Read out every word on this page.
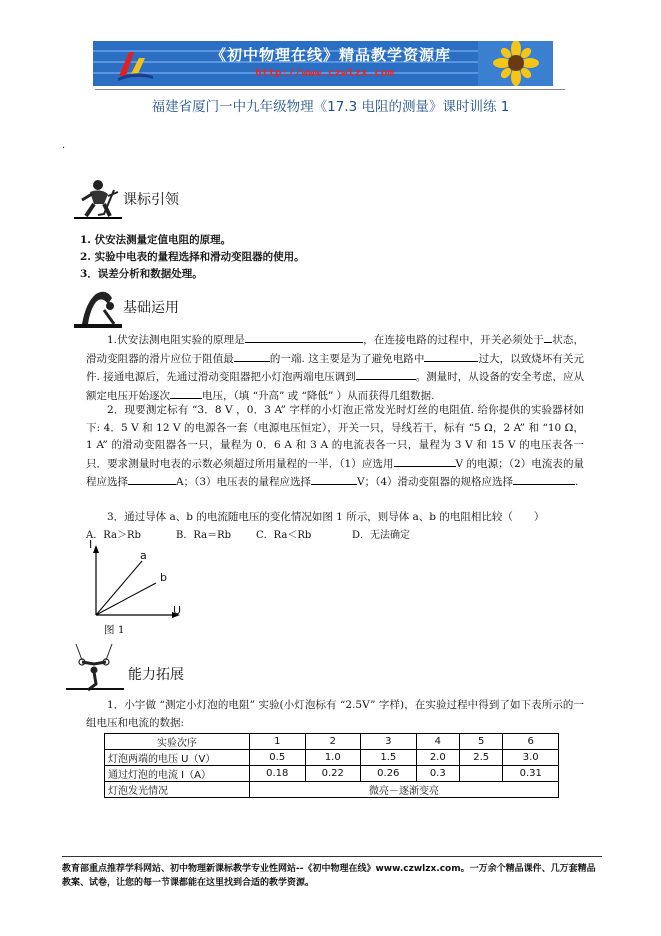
《初中物理在线》精品教学资源库
http://www.czwlzx.com
福建省厦门一中九年级物理《17.3 电阻的测量》课时训练 1
.
课标引领
1. 伏安法测量定值电阻的原理。
2. 实验中电表的量程选择和滑动变阻器的使用。
3．误差分析和数据处理。
基础运用

1.伏安法测电阻实验的原理是	，在连接电路的过程中，开关必须处于 状态，滑动变阻器的滑片应位于阻值最	的一端. 这主要是为了避免电路中	过大，以致烧坏有关元件. 接通电源后，先通过滑动变阻器把小灯泡两端电压调到	。测量时，从设备的安全考虑，应从额定电压开始逐次	电压，（填 “升高” 或 “降低” ）从而获得几组数据.

2．现要测定标有 “3．8 V ，0．3 A” 字样的小灯泡正常发光时灯丝的电阻值. 给你提供的实验器材如下: 4．5 V 和 12 V 的电源各一套（电源电压恒定），开关一只，导线若干，标有 “5 Ω，2 A” 和 “10 Ω，1 A” 的滑动变阻器各一只，量程为 0．6 A 和 3 A 的电流表各一只，量程为 3 V 和 15 V 的电压表各一只．要求测量时电表的示数必须超过所用量程的一半．（1）应选用	V 的电源；（2）电流表的量程应选择	A；（3）电压表的量程应选择	V；（4）滑动变阻器的规格应选择	.

3．通过导体 a、b 的电流随电压的变化情况如图 1 所示，则导体 a、b 的电阻相比较（　　）

A．Ra＞Rb	B．Ra＝Rb	C．Ra＜Rb	D．无法确定
I
U
a
b
图 1
能力拓展

1．小宇做 “测定小灯泡的电阻” 实验(小灯泡标有 “2.5V” 字样)，在实验过程中得到了如下表所示的一组电压和电流的数据:

实验次序	1	2	3	4	5	6
灯泡两端的电压 U（V）	0.5	1.0	1.5	2.0	2.5	3.0
通过灯泡的电流 I（A）	0.18	0.22	0.26	0.3		0.31
灯泡发光情况	微亮－逐渐变亮					
教育部重点推荐学科网站、初中物理新课标教学专业性网站--《初中物理在线》www.czwlzx.com。一万余个精品课件、几万套精品教案、试卷，让您的每一节课都能在这里找到合适的教学资源。
